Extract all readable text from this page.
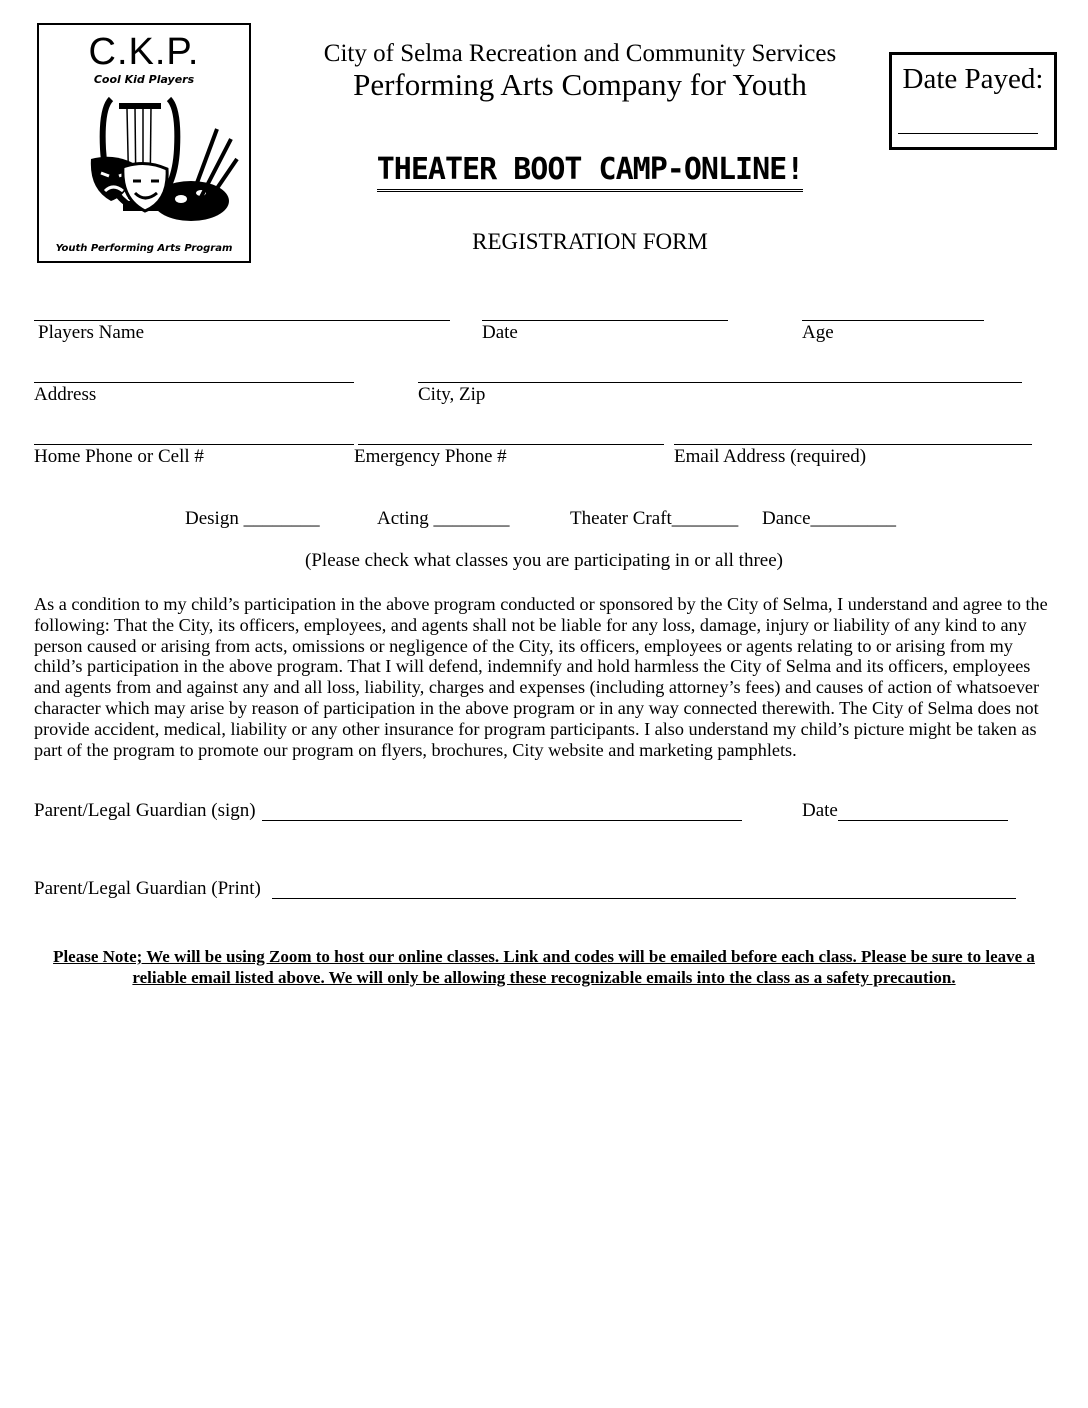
C.K.P.
Cool Kid Players
Youth Performing Arts Program
City of Selma Recreation and Community Services
Performing Arts Company for Youth	Date Payed:
THEATER BOOT CAMP-ONLINE!
REGISTRATION FORM
Players Name	Date	Age
Address	City, Zip
Home Phone or Cell #	Emergency Phone #	Email Address (required)
Design ________	Acting ________	Theater Craft_______ Dance_________
(Please check what classes you are participating in or all three)
As a condition to my child’s participation in the above program conducted or sponsored by the City of Selma, I understand and agree to the following: That the City, its officers, employees, and agents shall not be liable for any loss, damage, injury or liability of any kind to any person caused or arising from acts, omissions or negligence of the City, its officers, employees or agents relating to or arising from my child’s participation in the above program. That I will defend, indemnify and hold harmless the City of Selma and its officers, employees and agents from and against any and all loss, liability, charges and expenses (including attorney’s fees) and causes of action of whatsoever character which may arise by reason of participation in the above program or in any way connected therewith. The City of Selma does not provide accident, medical, liability or any other insurance for program participants. I also understand my child’s picture might be taken as part of the program to promote our program on flyers, brochures, City website and marketing pamphlets.
Parent/Legal Guardian (sign)	Date
Parent/Legal Guardian (Print)
Please Note; We will be using Zoom to host our online classes. Link and codes will be emailed before each class. Please be sure to leave a reliable email listed above. We will only be allowing these recognizable emails into the class as a safety precaution.
